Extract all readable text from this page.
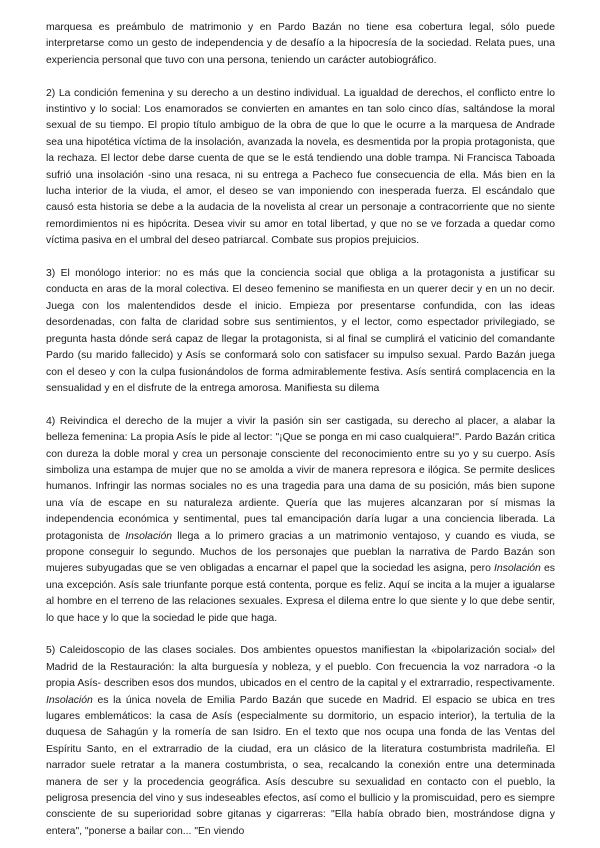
marquesa es preámbulo de matrimonio y en Pardo Bazán no tiene esa cobertura legal, sólo puede interpretarse como un gesto de independencia y de desafío a la hipocresía de la sociedad. Relata pues, una experiencia personal que tuvo con una persona, teniendo un carácter autobiográfico.

2) La condición femenina y su derecho a un destino individual. La igualdad de derechos, el conflicto entre lo instintivo y lo social: Los enamorados se convierten en amantes en tan solo cinco días, saltándose la moral sexual de su tiempo. El propio título ambiguo de la obra de que lo que le ocurre a la marquesa de Andrade sea una hipotética víctima de la insolación, avanzada la novela, es desmentida por la propia protagonista, que la rechaza. El lector debe darse cuenta de que se le está tendiendo una doble trampa. Ni Francisca Taboada sufrió una insolación -sino una resaca, ni su entrega a Pacheco fue consecuencia de ella. Más bien en la lucha interior de la viuda, el amor, el deseo se van imponiendo con inesperada fuerza. El escándalo que causó esta historia se debe a la audacia de la novelista al crear un personaje a contracorriente que no siente remordimientos ni es hipócrita. Desea vivir su amor en total libertad, y que no se ve forzada a quedar como víctima pasiva en el umbral del deseo patriarcal. Combate sus propios prejuicios.

3) El monólogo interior: no es más que la conciencia social que obliga a la protagonista a justificar su conducta en aras de la moral colectiva. El deseo femenino se manifiesta en un querer decir y en un no decir. Juega con los malentendidos desde el inicio. Empieza por presentarse confundida, con las ideas desordenadas, con falta de claridad sobre sus sentimientos, y el lector, como espectador privilegiado, se pregunta hasta dónde será capaz de llegar la protagonista, si al final se cumplirá el vaticinio del comandante Pardo (su marido fallecido) y Asís se conformará solo con satisfacer su impulso sexual. Pardo Bazán juega con el deseo y con la culpa fusionándolos de forma admirablemente festiva. Asís sentirá complacencia en la sensualidad y en el disfrute de la entrega amorosa. Manifiesta su dilema

4) Reivindica el derecho de la mujer a vivir la pasión sin ser castigada, su derecho al placer, a alabar la belleza femenina: La propia Asís le pide al lector: "¡Que se ponga en mi caso cualquiera!". Pardo Bazán critica con dureza la doble moral y crea un personaje consciente del reconocimiento entre su yo y su cuerpo. Asís simboliza una estampa de mujer que no se amolda a vivir de manera represora e ilógica. Se permite deslices humanos. Infringir las normas sociales no es una tragedia para una dama de su posición, más bien supone una vía de escape en su naturaleza ardiente. Quería que las mujeres alcanzaran por sí mismas la independencia económica y sentimental, pues tal emancipación daría lugar a una conciencia liberada. La protagonista de Insolación llega a lo primero gracias a un matrimonio ventajoso, y cuando es viuda, se propone conseguir lo segundo. Muchos de los personajes que pueblan la narrativa de Pardo Bazán son mujeres subyugadas que se ven obligadas a encarnar el papel que la sociedad les asigna, pero Insolación es una excepción. Asís sale triunfante porque está contenta, porque es feliz. Aquí se incita a la mujer a igualarse al hombre en el terreno de las relaciones sexuales. Expresa el dilema entre lo que siente y lo que debe sentir, lo que hace y lo que la sociedad le pide que haga.

5) Caleidoscopio de las clases sociales. Dos ambientes opuestos manifiestan la «bipolarización social» del Madrid de la Restauración: la alta burguesía y nobleza, y el pueblo. Con frecuencia la voz narradora -o la propia Asís- describen esos dos mundos, ubicados en el centro de la capital y el extrarradio, respectivamente. Insolación es la única novela de Emilia Pardo Bazán que sucede en Madrid. El espacio se ubica en tres lugares emblemáticos: la casa de Asís (especialmente su dormitorio, un espacio interior), la tertulia de la duquesa de Sahagún y la romería de san Isidro. En el texto que nos ocupa una fonda de las Ventas del Espíritu Santo, en el extrarradio de la ciudad, era un clásico de la literatura costumbrista madrileña. El narrador suele retratar a la manera costumbrista, o sea, recalcando la conexión entre una determinada manera de ser y la procedencia geográfica. Asís descubre su sexualidad en contacto con el pueblo, la peligrosa presencia del vino y sus indeseables efectos, así como el bullicio y la promiscuidad, pero es siempre consciente de su superioridad sobre gitanas y cigarreras: "Ella había obrado bien, mostrándose digna y entera", "ponerse a bailar con... "En viendo
